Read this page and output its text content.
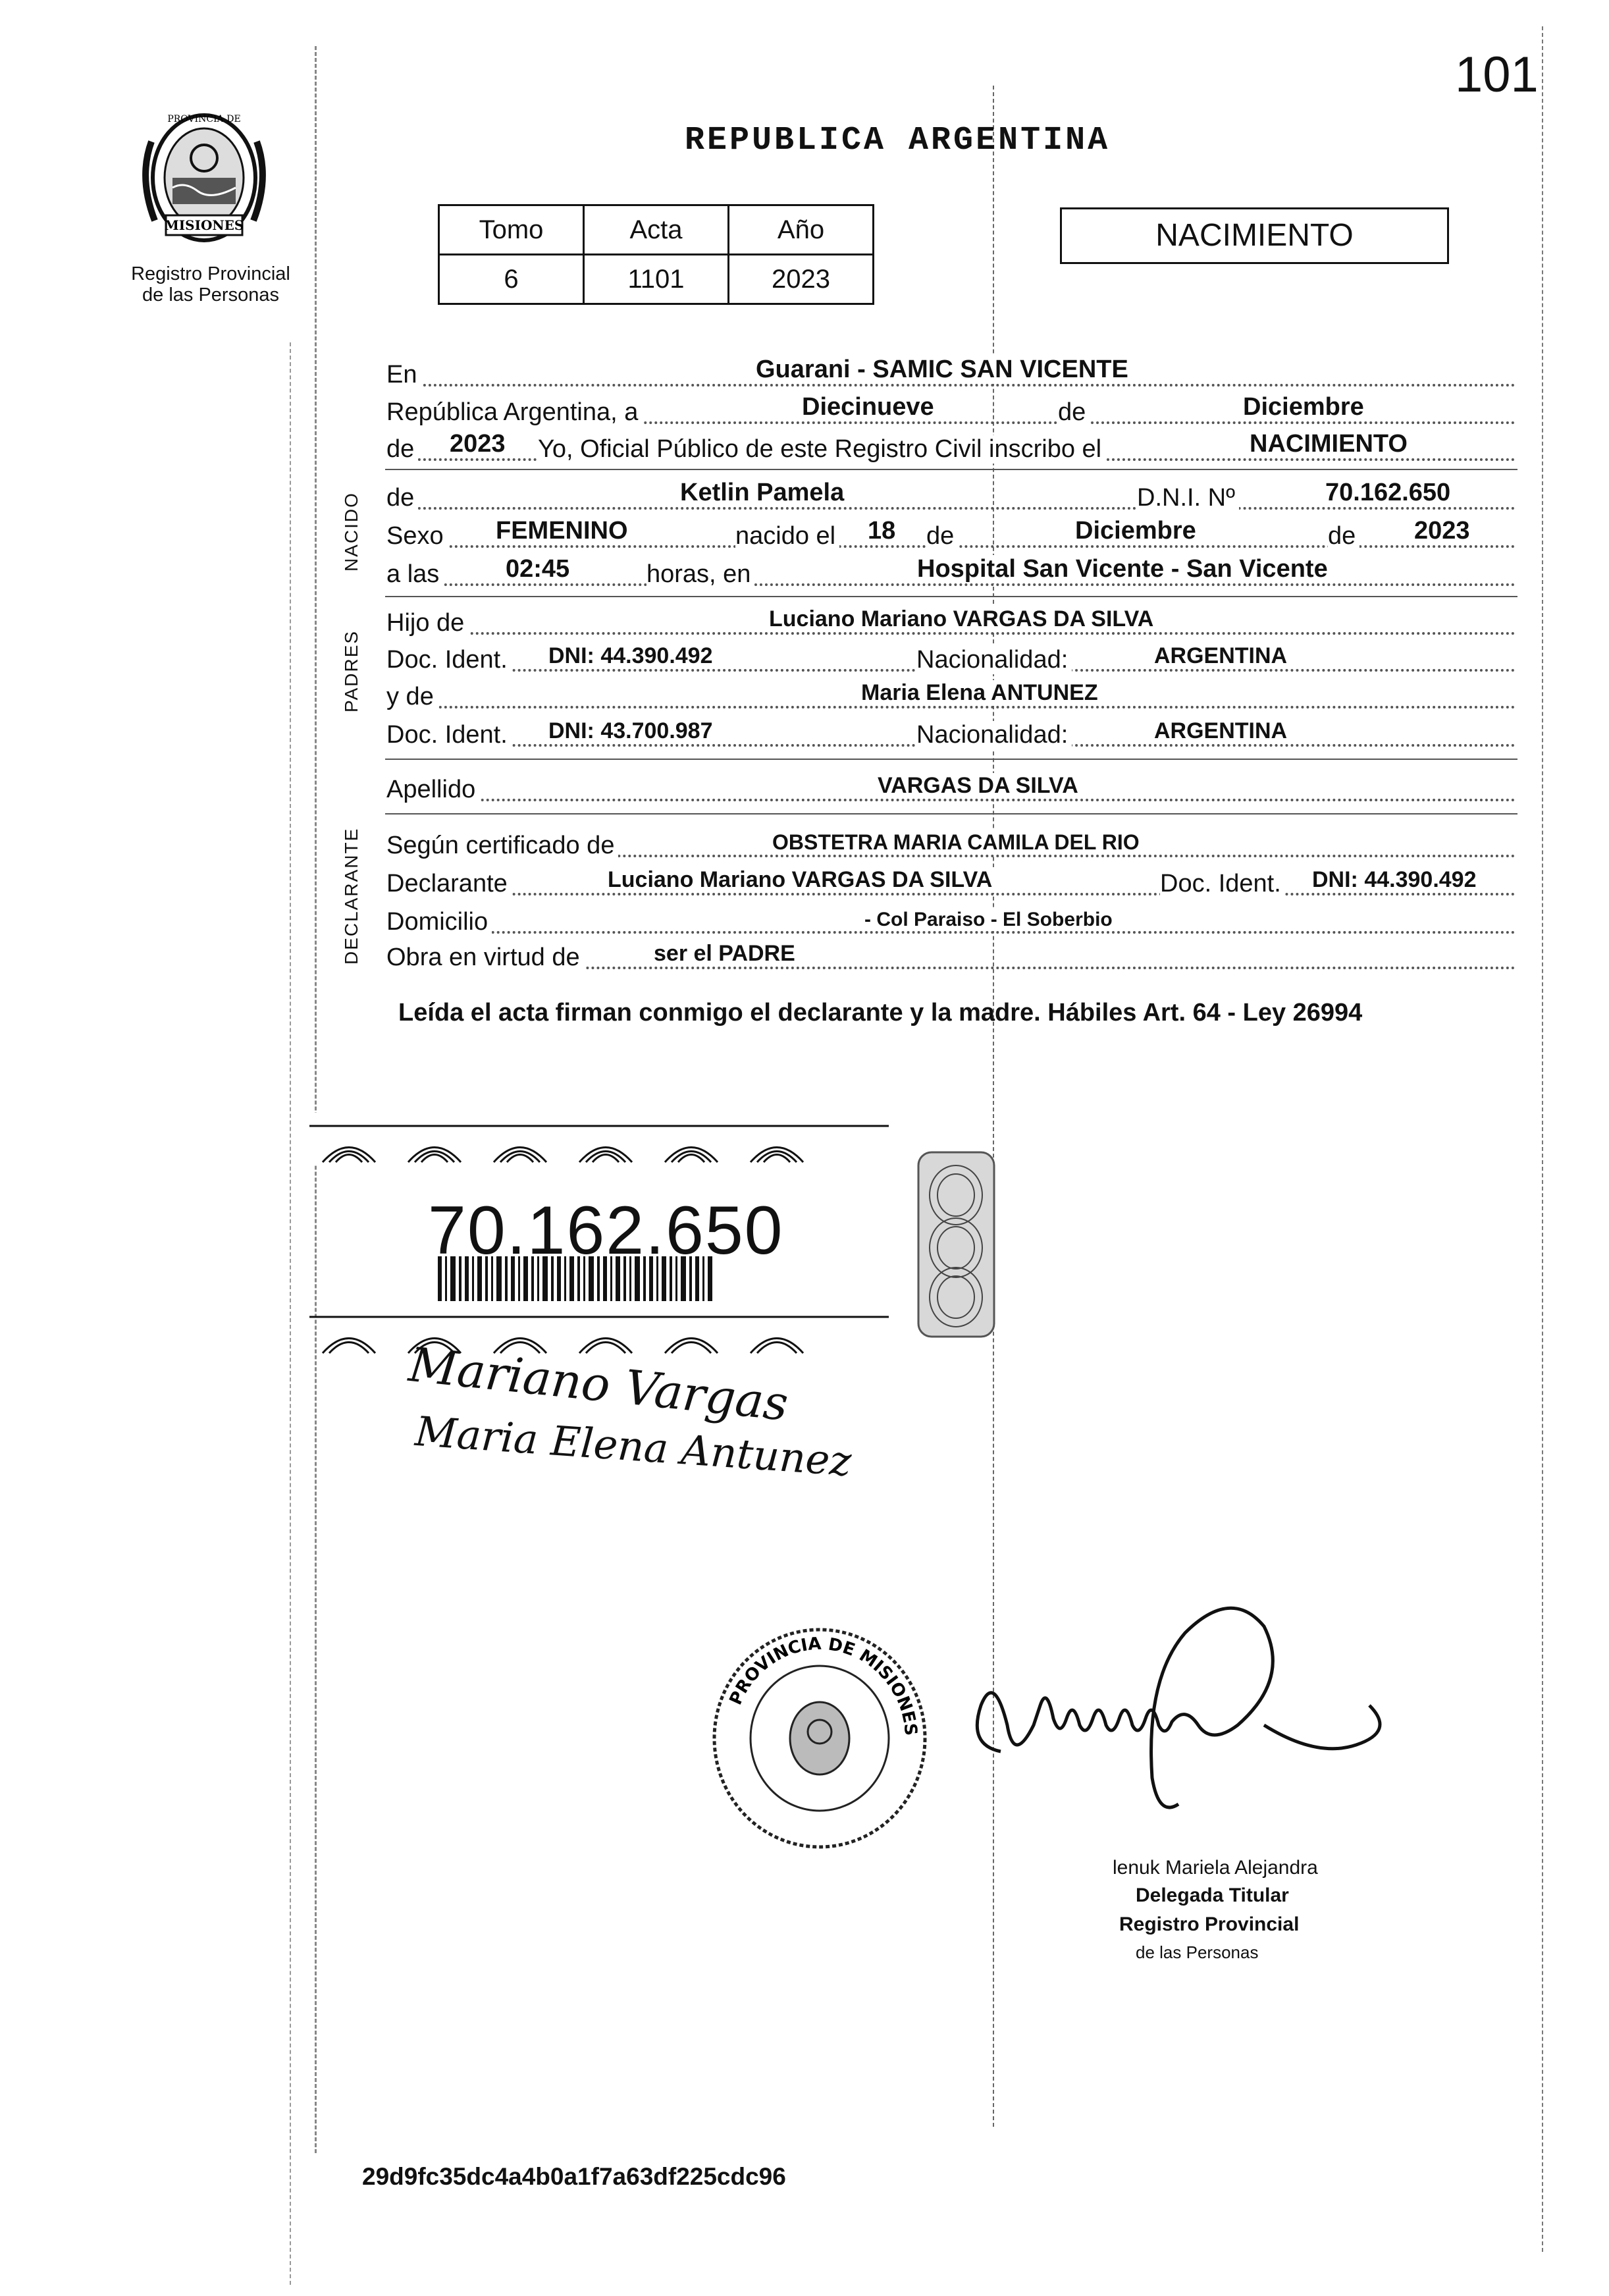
101
MISIONES
PROVINCIA DE
Registro Provincial
de las Personas
REPUBLICA ARGENTINA
Tomo	Acta	Año
6	1101	2023
NACIMIENTO
En	Guarani - SAMIC SAN VICENTE
República Argentina, a	Diecinueve	de	Diciembre
de 2023 Yo, Oficial Público de este Registro Civil inscribo el	NACIMIENTO
NACIDO de	Ketlin Pamela	D.N.I. Nº	70.162.650
Sexo FEMENINO	nacido el 18 de	Diciembre	de 2023
a las	02:45	horas, en	Hospital San Vicente - San Vicente
PADRES
Hijo de	Luciano Mariano VARGAS DA SILVA
Doc. Ident. DNI: 44.390.492	Nacionalidad:	ARGENTINA
y de	Maria Elena ANTUNEZ
Doc. Ident. DNI: 43.700.987	Nacionalidad:	ARGENTINA
Apellido	VARGAS DA SILVA
DECLARANTE Según certificado de	OBSTETRA MARIA CAMILA DEL RIO
Declarante	Luciano Mariano VARGAS DA SILVA	Doc. Ident. DNI: 44.390.492
Domicilio	- Col Paraiso - El Soberbio
Obra en virtud de	ser el PADRE
Leída el acta firman conmigo el declarante y la madre. Hábiles Art. 64 - Ley 26994
70.162.650
Mariano Vargas
Maria Elena Antunez
PROVINCIA DE MISIONES
lenuk Mariela Alejandra
Delegada Titular
Registro Provincial
de las Personas
29d9fc35dc4a4b0a1f7a63df225cdc96
